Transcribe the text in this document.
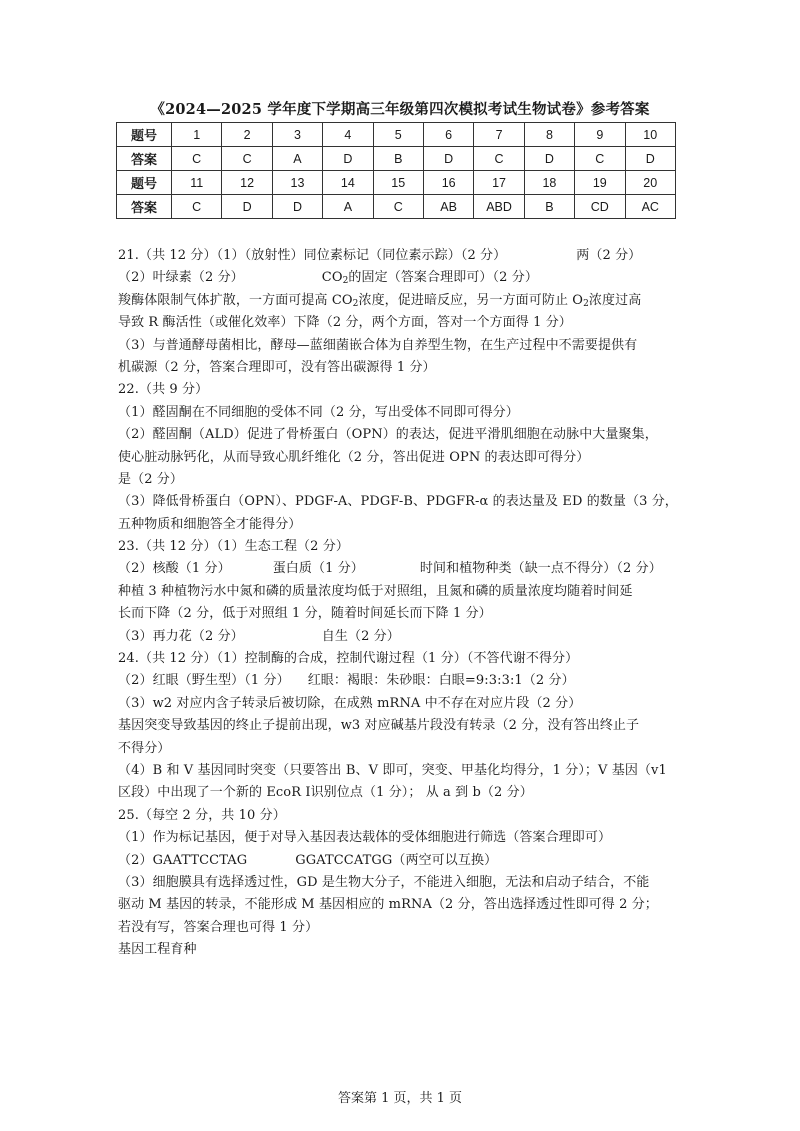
《2024—2025 学年度下学期高三年级第四次模拟考试生物试卷》参考答案
题号	1	2	3	4	5	6	7	8	9	10
答案	C	C	A	D	B	D	C	D	C	D
题号	11	12	13	14	15	16	17	18	19	20
答案	C	D	D	A	C	AB	ABD	B	CD	AC
21.（共 12 分）（1）（放射性）同位素标记（同位素示踪）（2 分）	两（2 分）
（2）叶绿素（2 分）	$CO_2$的固定（答案合理即可）（2 分）
羧酶体限制气体扩散，一方面可提高 $CO_2$浓度，促进暗反应，另一方面可防止 $O_2$浓度过高
导致 R 酶活性（或催化效率）下降（2 分，两个方面，答对一个方面得 1 分）
（3）与普通酵母菌相比，酵母—蓝细菌嵌合体为自养型生物，在生产过程中不需要提供有
机碳源（2 分，答案合理即可，没有答出碳源得 1 分）
22.（共 9 分）
（1）醛固酮在不同细胞的受体不同（2 分，写出受体不同即可得分）
（2）醛固酮（ALD）促进了骨桥蛋白（OPN）的表达，促进平滑肌细胞在动脉中大量聚集，
使心脏动脉钙化，从而导致心肌纤维化（2 分，答出促进 OPN 的表达即可得分）
是（2 分）
（3）降低骨桥蛋白（OPN）、PDGF-A、PDGF-B、PDGFR-α 的表达量及 ED 的数量（3 分，
五种物质和细胞答全才能得分）
23.（共 12 分）（1）生态工程（2 分）
（2）核酸（1 分）	蛋白质（1 分）	时间和植物种类（缺一点不得分）（2 分）
种植 3 种植物污水中氮和磷的质量浓度均低于对照组，且氮和磷的质量浓度均随着时间延
长而下降（2 分，低于对照组 1 分，随着时间延长而下降 1 分）
（3）再力花（2 分）	自生（2 分）
24.（共 12 分）（1）控制酶的合成，控制代谢过程（1 分）（不答代谢不得分）
（2）红眼（野生型）（1 分） 红眼：褐眼：朱砂眼：白眼=9:3:3:1（2 分）
（3）w2 对应内含子转录后被切除，在成熟 mRNA 中不存在对应片段（2 分）
基因突变导致基因的终止子提前出现，w3 对应碱基片段没有转录（2 分，没有答出终止子
不得分）
（4）B 和 V 基因同时突变（只要答出 B、V 即可，突变、甲基化均得分，1 分）；V 基因（v1
区段）中出现了一个新的 EcoR Ⅰ识别位点（1 分）； 从 a 到 b（2 分）
25.（每空 2 分，共 10 分）
（1）作为标记基因，便于对导入基因表达载体的受体细胞进行筛选（答案合理即可）
（2）GAATTCCTAG	GGATCCATGG（两空可以互换）
（3）细胞膜具有选择透过性，GD 是生物大分子，不能进入细胞，无法和启动子结合，不能
驱动 M 基因的转录，不能形成 M 基因相应的 mRNA（2 分，答出选择透过性即可得 2 分；
若没有写，答案合理也可得 1 分）
基因工程育种
答案第 1 页，共 1 页
